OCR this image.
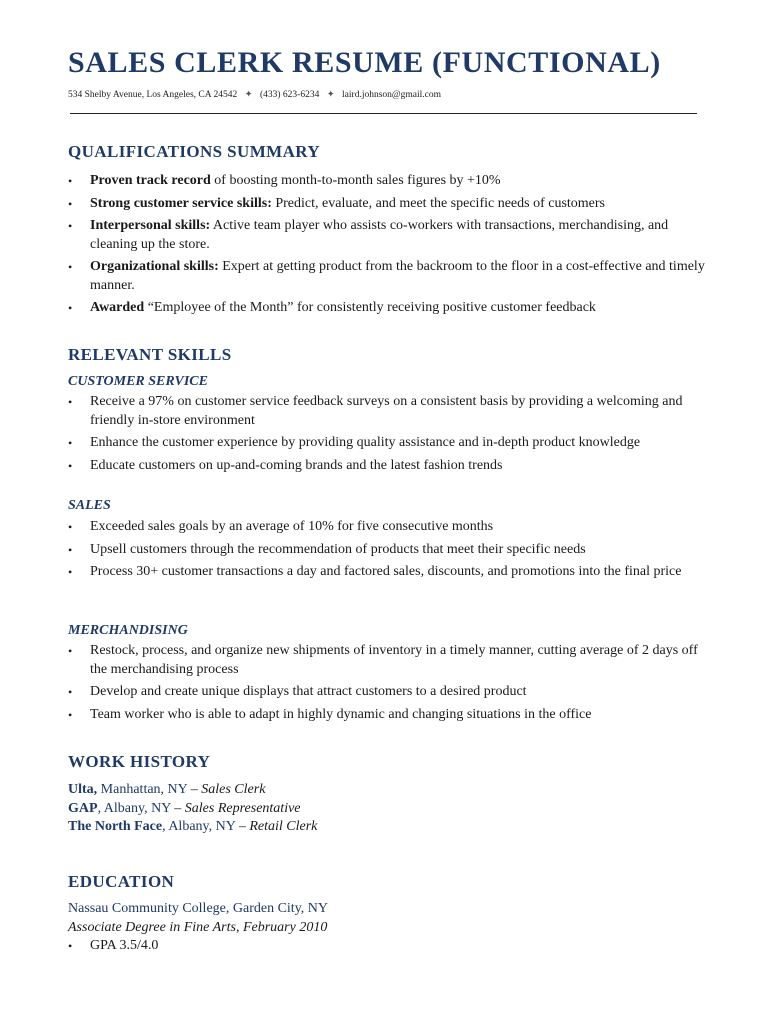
SALES CLERK RESUME (FUNCTIONAL)
534 Shelby Avenue, Los Angeles, CA 24542 ✦ (433) 623-6234 ✦ laird.johnson@gmail.com
QUALIFICATIONS SUMMARY
• Proven track record of boosting month-to-month sales figures by +10%
• Strong customer service skills: Predict, evaluate, and meet the specific needs of customers
• Interpersonal skills: Active team player who assists co-workers with transactions, merchandising, and cleaning up the store.
• Organizational skills: Expert at getting product from the backroom to the floor in a cost-effective and timely manner.
• Awarded “Employee of the Month” for consistently receiving positive customer feedback
RELEVANT SKILLS
CUSTOMER SERVICE
• Receive a 97% on customer service feedback surveys on a consistent basis by providing a welcoming and friendly in-store environment
• Enhance the customer experience by providing quality assistance and in-depth product knowledge
• Educate customers on up-and-coming brands and the latest fashion trends
SALES
• Exceeded sales goals by an average of 10% for five consecutive months
• Upsell customers through the recommendation of products that meet their specific needs
• Process 30+ customer transactions a day and factored sales, discounts, and promotions into the final price
MERCHANDISING
• Restock, process, and organize new shipments of inventory in a timely manner, cutting average of 2 days off the merchandising process
• Develop and create unique displays that attract customers to a desired product
• Team worker who is able to adapt in highly dynamic and changing situations in the office
WORK HISTORY
Ulta, Manhattan, NY – Sales Clerk
GAP, Albany, NY – Sales Representative
The North Face, Albany, NY – Retail Clerk
EDUCATION
Nassau Community College, Garden City, NY
Associate Degree in Fine Arts, February 2010
• GPA 3.5/4.0
